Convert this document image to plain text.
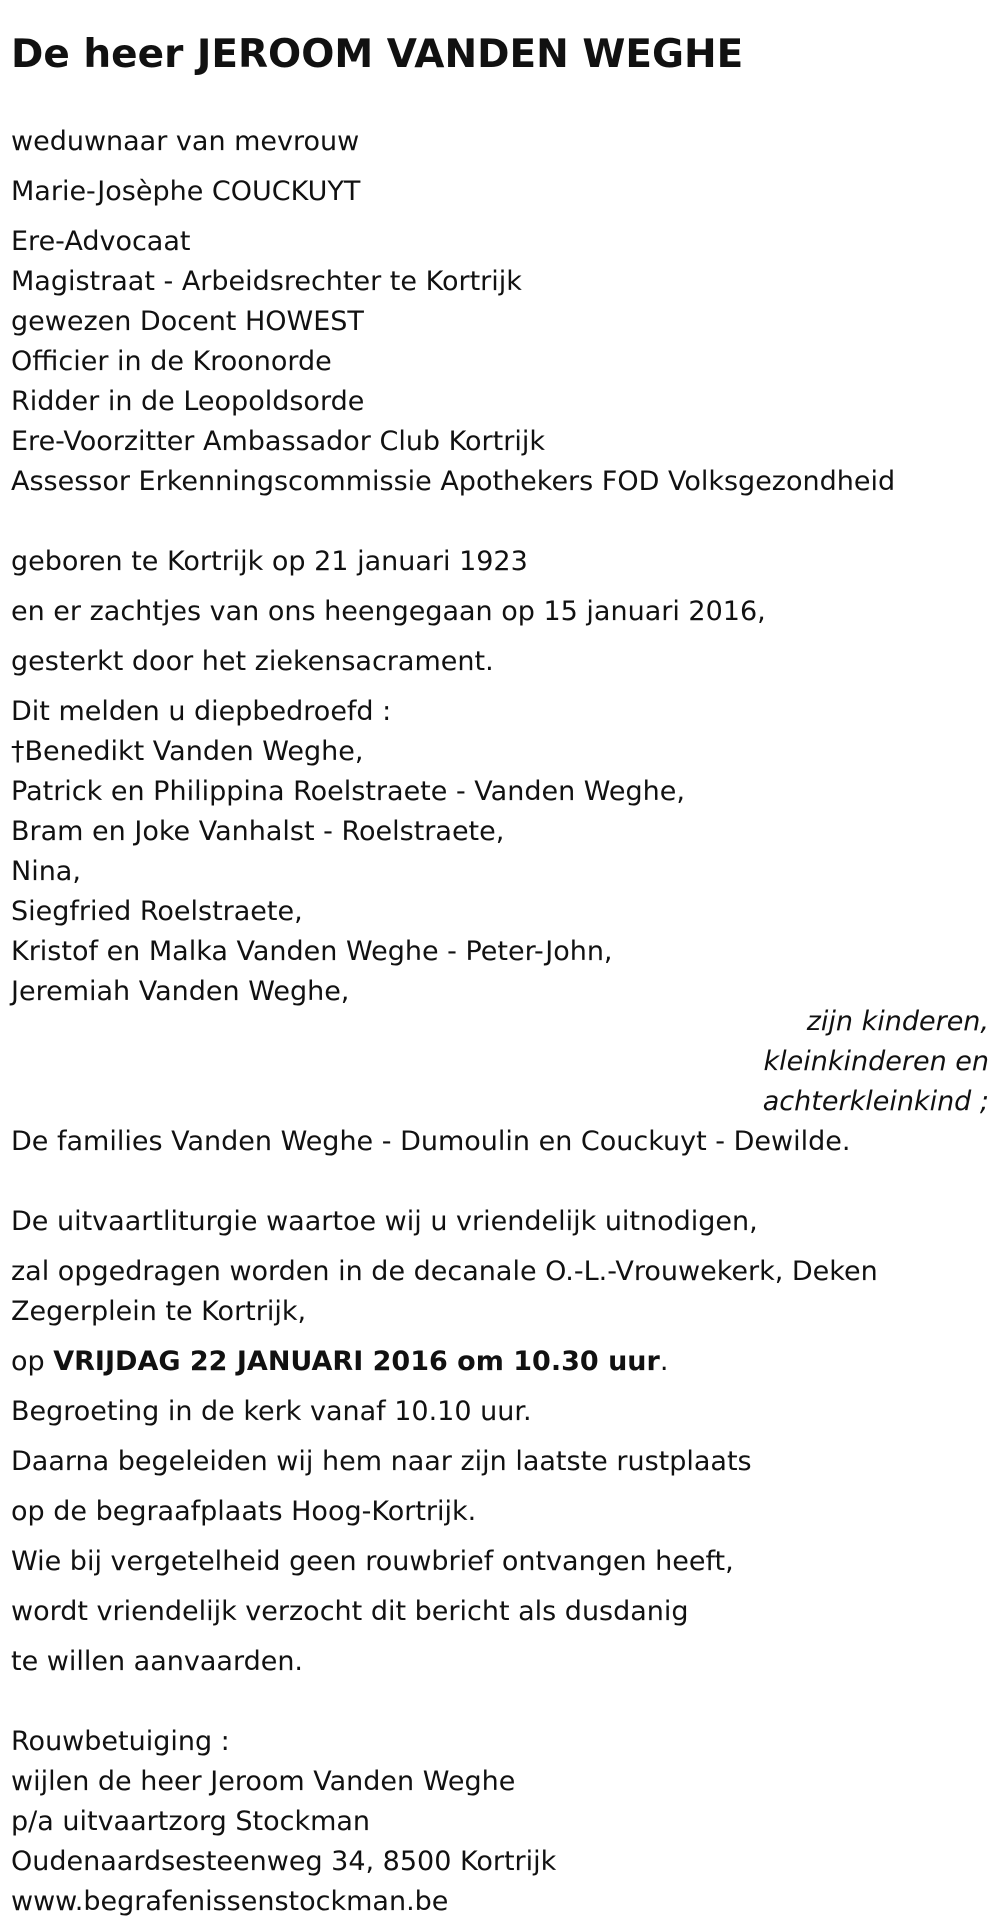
De heer JEROOM VANDEN WEGHE
weduwnaar van mevrouw
Marie-Josèphe COUCKUYT
Ere-Advocaat
Magistraat - Arbeidsrechter te Kortrijk
gewezen Docent HOWEST
Officier in de Kroonorde
Ridder in de Leopoldsorde
Ere-Voorzitter Ambassador Club Kortrijk
Assessor Erkenningscommissie Apothekers FOD Volksgezondheid
geboren te Kortrijk op 21 januari 1923
en er zachtjes van ons heengegaan op 15 januari 2016,
gesterkt door het ziekensacrament.
Dit melden u diepbedroefd :
†Benedikt Vanden Weghe,
Patrick en Philippina Roelstraete - Vanden Weghe,
Bram en Joke Vanhalst - Roelstraete,
Nina,
Siegfried Roelstraete,
Kristof en Malka Vanden Weghe - Peter-John,
Jeremiah Vanden Weghe,
zijn kinderen,
kleinkinderen en
achterkleinkind ;
De families Vanden Weghe - Dumoulin en Couckuyt - Dewilde.
De uitvaartliturgie waartoe wij u vriendelijk uitnodigen,
zal opgedragen worden in de decanale O.-L.-Vrouwekerk, Deken
Zegerplein te Kortrijk,
op VRIJDAG 22 JANUARI 2016 om 10.30 uur.
Begroeting in de kerk vanaf 10.10 uur.
Daarna begeleiden wij hem naar zijn laatste rustplaats
op de begraafplaats Hoog-Kortrijk.
Wie bij vergetelheid geen rouwbrief ontvangen heeft,
wordt vriendelijk verzocht dit bericht als dusdanig
te willen aanvaarden.
Rouwbetuiging :
wijlen de heer Jeroom Vanden Weghe
p/a uitvaartzorg Stockman
Oudenaardsesteenweg 34, 8500 Kortrijk
www.begrafenissenstockman.be
